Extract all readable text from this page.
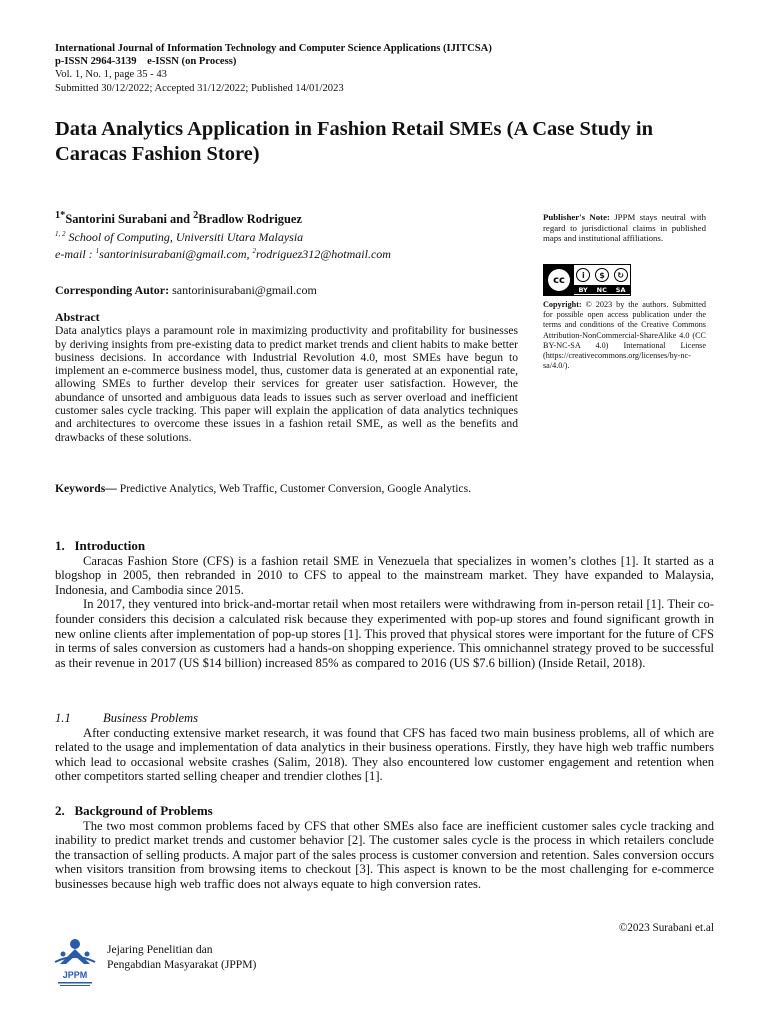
International Journal of Information Technology and Computer Science Applications (IJITCSA)
p-ISSN 2964-3139    e-ISSN (on Process)
Vol. 1, No. 1, page 35 - 43
Submitted 30/12/2022; Accepted 31/12/2022; Published 14/01/2023
Data Analytics Application in Fashion Retail SMEs (A Case Study in Caracas Fashion Store)
$^{1*}$Santorini Surabani and $^2$Bradlow Rodriguez
$^{1, 2}$ School of Computing, Universiti Utara Malaysia
e-mail : $^1$santorinisurabani@gmail.com, $^2$rodriguez312@hotmail.com
Corresponding Autor: santorinisurabani@gmail.com
Abstract
Data analytics plays a paramount role in maximizing productivity and profitability for businesses by deriving insights from pre-existing data to predict market trends and client habits to make better business decisions. In accordance with Industrial Revolution 4.0, most SMEs have begun to implement an e-commerce business model, thus, customer data is generated at an exponential rate, allowing SMEs to further develop their services for greater user satisfaction. However, the abundance of unsorted and ambiguous data leads to issues such as server overload and inefficient customer sales cycle tracking. This paper will explain the application of data analytics techniques and architectures to overcome these issues in a fashion retail SME, as well as the benefits and drawbacks of these solutions.
Keywords— Predictive Analytics, Web Traffic, Customer Conversion, Google Analytics.
Publisher's Note: JPPM stays neutral with regard to jurisdictional claims in published maps and institutional affiliations.
cc	i	$	↻
BY NC SA
Copyright: © 2023 by the authors. Submitted for possible open access publication under the terms and conditions of the Creative Commons Attribution-NonCommercial-ShareAlike 4.0 (CC BY-NC-SA 4.0) International License (https://creativecommons.org/licenses/by-nc-sa/4.0/).
1.   Introduction

Caracas Fashion Store (CFS) is a fashion retail SME in Venezuela that specializes in women’s clothes [1]. It started as a blogshop in 2005, then rebranded in 2010 to CFS to appeal to the mainstream market. They have expanded to Malaysia, Indonesia, and Cambodia since 2015.

In 2017, they ventured into brick-and-mortar retail when most retailers were withdrawing from in-person retail [1]. Their co-founder considers this decision a calculated risk because they experimented with pop-up stores and found significant growth in new online clients after implementation of pop-up stores [1]. This proved that physical stores were important for the future of CFS in terms of sales conversion as customers had a hands-on shopping experience. This omnichannel strategy proved to be successful as their revenue in 2017 (US $14 billion) increased 85% as compared to 2016 (US $7.6 billion) (Inside Retail, 2018).

1.1	Business Problems

After conducting extensive market research, it was found that CFS has faced two main business problems, all of which are related to the usage and implementation of data analytics in their business operations. Firstly, they have high web traffic numbers which lead to occasional website crashes (Salim, 2018). They also encountered low customer engagement and retention when other competitors started selling cheaper and trendier clothes [1].

2.   Background of Problems

The two most common problems faced by CFS that other SMEs also face are inefficient customer sales cycle tracking and inability to predict market trends and customer behavior [2]. The customer sales cycle is the process in which retailers conclude the transaction of selling products. A major part of the sales process is customer conversion and retention. Sales conversion occurs when visitors transition from browsing items to checkout [3]. This aspect is known to be the most challenging for e-commerce businesses because high web traffic does not always equate to high conversion rates.

©2023 Surabani et.al
JPPM
Jejaring Penelitian dan
Pengabdian Masyarakat (JPPM)
